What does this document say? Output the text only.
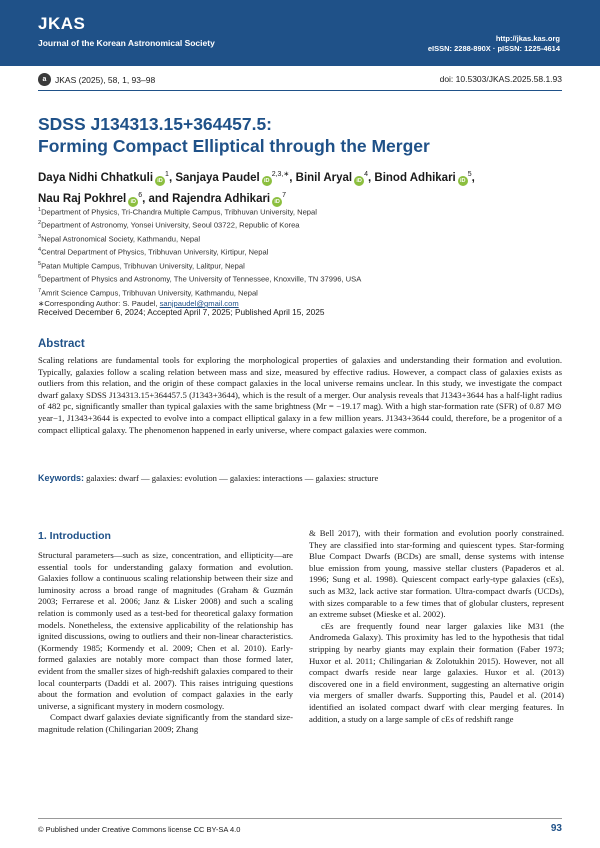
JKAS
Journal of the Korean Astronomical Society	http://jkas.kas.org
eISSN: 2288-890X · pISSN: 1225-4614
a	JKAS (2025), 58, 1, 93–98	doi: 10.5303/JKAS.2025.58.1.93
SDSS J134313.15+364457.5:
Forming Compact Elliptical through the Merger
Daya Nidhi Chhatkuli $iD^1$, Sanjaya Paudel $iD^{2,3,∗}$, Binil Aryal $iD^4$, Binod Adhikari $iD^5$,
Nau Raj Pokhrel $iD^6$, and Rajendra Adhikari $iD^7$
$^1$Department of Physics, Tri-Chandra Multiple Campus, Tribhuvan University, Nepal
$^2$Department of Astronomy, Yonsei University, Seoul 03722, Republic of Korea
$^3$Nepal Astronomical Society, Kathmandu, Nepal
$^4$Central Department of Physics, Tribhuvan University, Kirtipur, Nepal
$^5$Patan Multiple Campus, Tribhuvan University, Lalitpur, Nepal
$^6$Department of Physics and Astronomy, The University of Tennessee, Knoxville, TN 37996, USA
$^7$Amrit Science Campus, Tribhuvan University, Kathmandu, Nepal
∗Corresponding Author: S. Paudel, sanjpaudel@gmail.com
Received December 6, 2024; Accepted April 7, 2025; Published April 15, 2025
Abstract

Scaling relations are fundamental tools for exploring the morphological properties of galaxies and understanding their formation and evolution. Typically, galaxies follow a scaling relation between mass and size, measured by effective radius. However, a compact class of galaxies exists as outliers from this relation, and the origin of these compact galaxies in the local universe remains unclear. In this study, we investigate the compact dwarf galaxy SDSS J134313.15+364457.5 (J1343+3644), which is the result of a merger. Our analysis reveals that J1343+3644 has a half-light radius of 482 pc, significantly smaller than typical galaxies with the same brightness (Mr = −19.17 mag). With a high star-formation rate (SFR) of 0.87 M⊙ year−1, J1343+3644 is expected to evolve into a compact elliptical galaxy in a few million years. J1343+3644 could, therefore, be a progenitor of a compact elliptical galaxy. The phenomenon happened in early universe, where compact galaxies were common.

Keywords: galaxies: dwarf — galaxies: evolution — galaxies: interactions — galaxies: structure
1. Introduction

Structural parameters—such as size, concentration, and ellipticity—are essential tools for understanding galaxy formation and evolution. Galaxies follow a continuous scaling relationship between their size and luminosity across a broad range of magnitudes (Graham & Guzmán 2003; Ferrarese et al. 2006; Janz & Lisker 2008) and such a scaling relation is commonly used as a test-bed for theoretical galaxy formation models. Nonetheless, the extensive applicability of the relationship has ignited discussions, owing to outliers and their non-linear characteristics.(Kormendy 1985; Kormendy et al. 2009; Chen et al. 2010). Early-formed galaxies are notably more compact than those formed later, evident from the smaller sizes of high-redshift galaxies compared to their local counterparts (Daddi et al. 2007). This raises intriguing questions about the formation and evolution of compact galaxies in the early universe, a significant mystery in modern cosmology.

Compact dwarf galaxies deviate significantly from the standard size-magnitude relation (Chilingarian 2009; Zhang

& Bell 2017), with their formation and evolution poorly constrained. They are classified into star-forming and quiescent types. Star-forming Blue Compact Dwarfs (BCDs) are small, dense systems with intense blue emission from young, massive stellar clusters (Papaderos et al. 1996; Sung et al. 1998). Quiescent compact early-type galaxies (cEs), such as M32, lack active star formation. Ultra-compact dwarfs (UCDs), with sizes comparable to a few times that of globular clusters, represent an extreme subset (Mieske et al. 2002).

cEs are frequently found near larger galaxies like M31 (the Andromeda Galaxy). This proximity has led to the hypothesis that tidal stripping by nearby giants may explain their formation (Faber 1973; Huxor et al. 2011; Chilingarian & Zolotukhin 2015). However, not all compact dwarfs reside near large galaxies. Huxor et al. (2013) discovered one in a field environment, suggesting an alternative origin via mergers of smaller dwarfs. Supporting this, Paudel et al. (2014) identified an isolated compact dwarf with clear merging features. In addition, a study on a large sample of cEs of redshift range

© Published under Creative Commons license CC BY-SA 4.0	93
